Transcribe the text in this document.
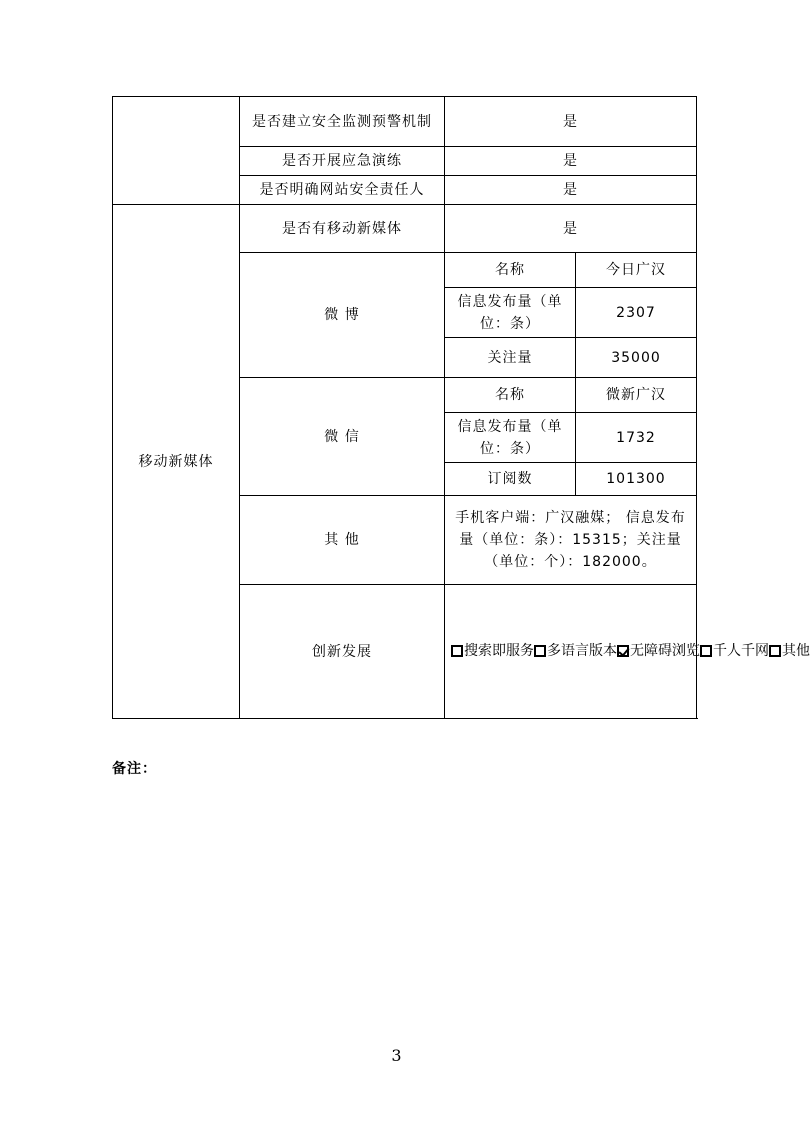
	是否建立安全监测预警机制	是	
	是否开展应急演练	是	
	是否明确网站安全责任人	是	
移动新媒体	是否有移动新媒体	是	
	微 博	名称	今日广汉
		信息发布量（单位：条）	2307
		关注量	35000
	微 信	名称	微新广汉
		信息发布量（单位：条）	1732
		订阅数	101300
	其 他	手机客户端：广汉融媒； 信息发布量（单位：条）：15315；关注量（单位：个）：182000。	
	创新发展	搜索即服务 多语言版本 无障碍浏览 千人千网 其他	
备注：
3
